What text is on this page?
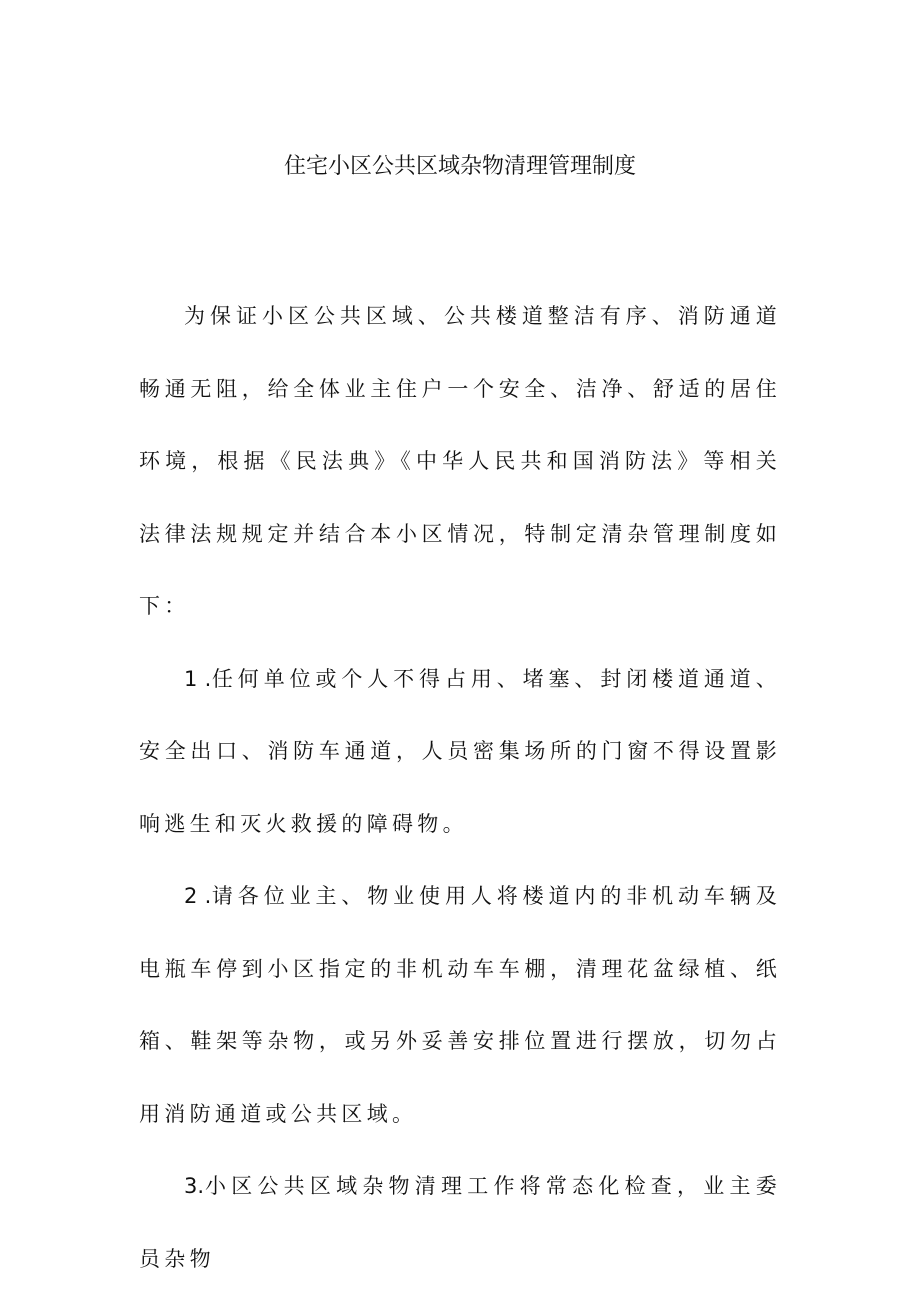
住宅小区公共区域杂物清理管理制度

为保证小区公共区域、公共楼道整洁有序、消防通道畅通无阻，给全体业主住户一个安全、洁净、舒适的居住环境，根据《民法典》《中华人民共和国消防法》等相关法律法规规定并结合本小区情况，特制定清杂管理制度如下：

1 .任何单位或个人不得占用、堵塞、封闭楼道通道、安全出口、消防车通道，人员密集场所的门窗不得设置影响逃生和灭火救援的障碍物。

2 .请各位业主、物业使用人将楼道内的非机动车辆及电瓶车停到小区指定的非机动车车棚，清理花盆绿植、纸箱、鞋架等杂物，或另外妥善安排位置进行摆放，切勿占用消防通道或公共区域。

3.小区公共区域杂物清理工作将常态化检查，业主委员杂物
